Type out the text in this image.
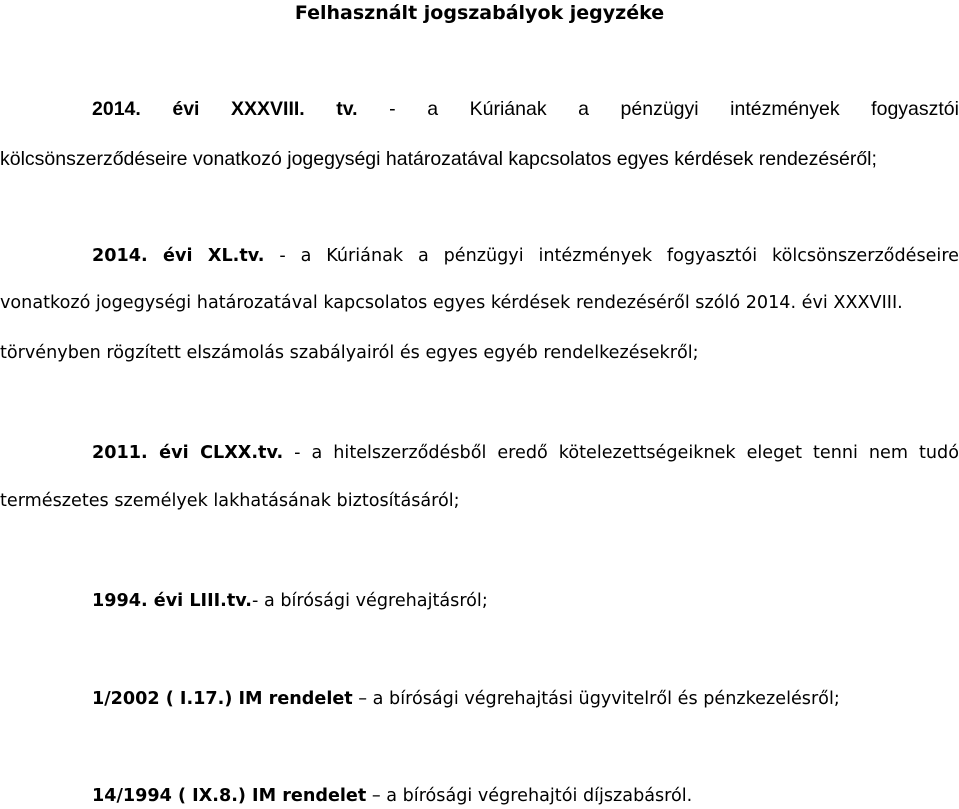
Felhasznált jogszabályok jegyzéke
2014. évi XXXVIII. tv. - a Kúriának a pénzügyi intézmények fogyasztói
kölcsönszerződéseire vonatkozó jogegységi határozatával kapcsolatos egyes kérdések rendezéséről;
2014. évi XL.tv. - a Kúriának a pénzügyi intézmények fogyasztói kölcsönszerződéseire
vonatkozó jogegységi határozatával kapcsolatos egyes kérdések rendezéséről szóló 2014. évi XXXVIII.
törvényben rögzített elszámolás szabályairól és egyes egyéb rendelkezésekről;
2011. évi CLXX.tv. - a hitelszerződésből eredő kötelezettségeiknek eleget tenni nem tudó
természetes személyek lakhatásának biztosításáról;
1994. évi LIII.tv.- a bírósági végrehajtásról;
1/2002 ( I.17.) IM rendelet – a bírósági végrehajtási ügyvitelről és pénzkezelésről;
14/1994 ( IX.8.) IM rendelet – a bírósági végrehajtói díjszabásról.
